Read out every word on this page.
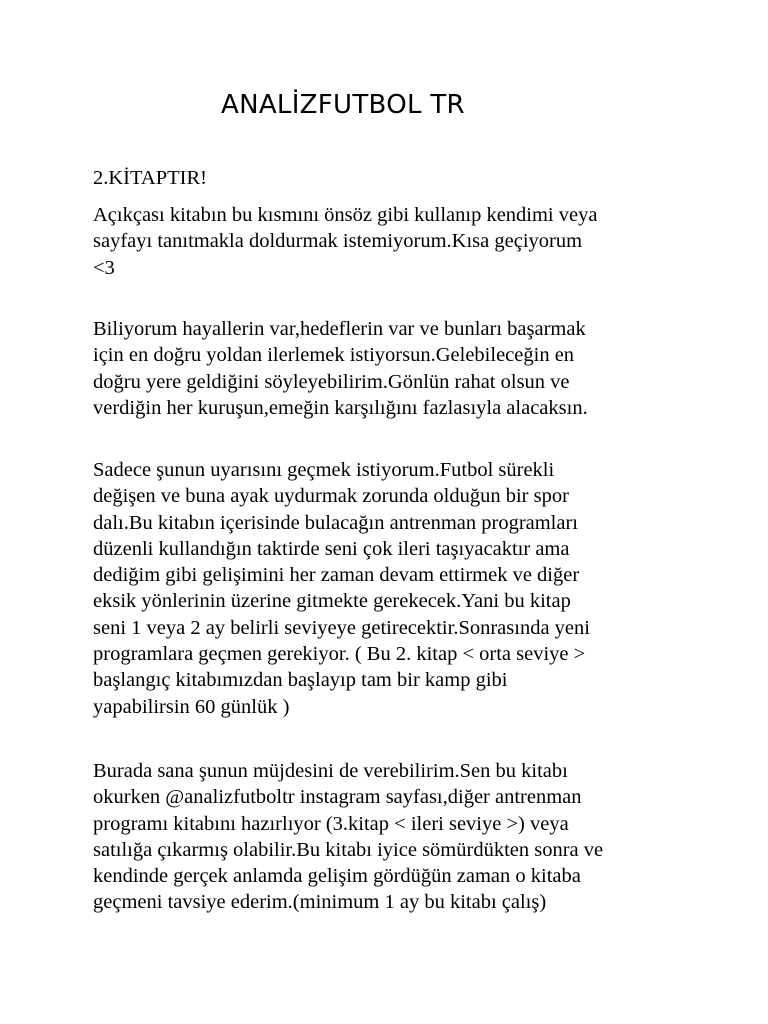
ANALİZFUTBOL TR

2.KİTAPTIR!

Açıkçası kitabın bu kısmını önsöz gibi kullanıp kendimi veya
sayfayı tanıtmakla doldurmak istemiyorum.Kısa geçiyorum
<3

Biliyorum hayallerin var,hedeflerin var ve bunları başarmak
için en doğru yoldan ilerlemek istiyorsun.Gelebileceğin en
doğru yere geldiğini söyleyebilirim.Gönlün rahat olsun ve
verdiğin her kuruşun,emeğin karşılığını fazlasıyla alacaksın.

Sadece şunun uyarısını geçmek istiyorum.Futbol sürekli
değişen ve buna ayak uydurmak zorunda olduğun bir spor
dalı.Bu kitabın içerisinde bulacağın antrenman programları
düzenli kullandığın taktirde seni çok ileri taşıyacaktır ama
dediğim gibi gelişimini her zaman devam ettirmek ve diğer
eksik yönlerinin üzerine gitmekte gerekecek.Yani bu kitap
seni 1 veya 2 ay belirli seviyeye getirecektir.Sonrasında yeni
programlara geçmen gerekiyor. ( Bu 2. kitap < orta seviye >
başlangıç kitabımızdan başlayıp tam bir kamp gibi
yapabilirsin 60 günlük )

Burada sana şunun müjdesini de verebilirim.Sen bu kitabı
okurken @analizfutboltr instagram sayfası,diğer antrenman
programı kitabını hazırlıyor (3.kitap < ileri seviye >) veya
satılığa çıkarmış olabilir.Bu kitabı iyice sömürdükten sonra ve
kendinde gerçek anlamda gelişim gördüğün zaman o kitaba
geçmeni tavsiye ederim.(minimum 1 ay bu kitabı çalış)
